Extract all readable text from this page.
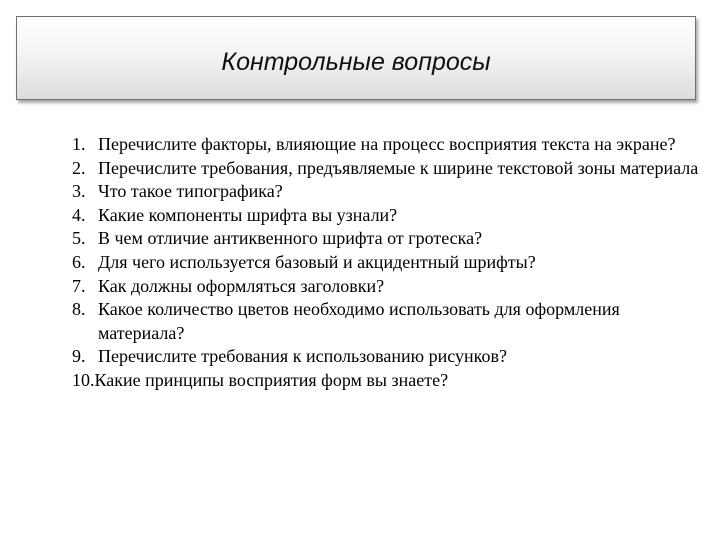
Контрольные вопросы
1. Перечислите факторы, влияющие на процесс восприятия текста на экране?
2. Перечислите требования, предъявляемые к ширине текстовой зоны материала
3. Что такое типографика?
4. Какие компоненты шрифта вы узнали?
5. В чем отличие антиквенного шрифта от гротеска?
6. Для чего используется базовый и акцидентный шрифты?
7. Как должны оформляться заголовки?
8. Какое количество цветов необходимо использовать для оформления материала?
9. Перечислите требования к использованию рисунков?
10.Какие принципы восприятия форм вы знаете?
